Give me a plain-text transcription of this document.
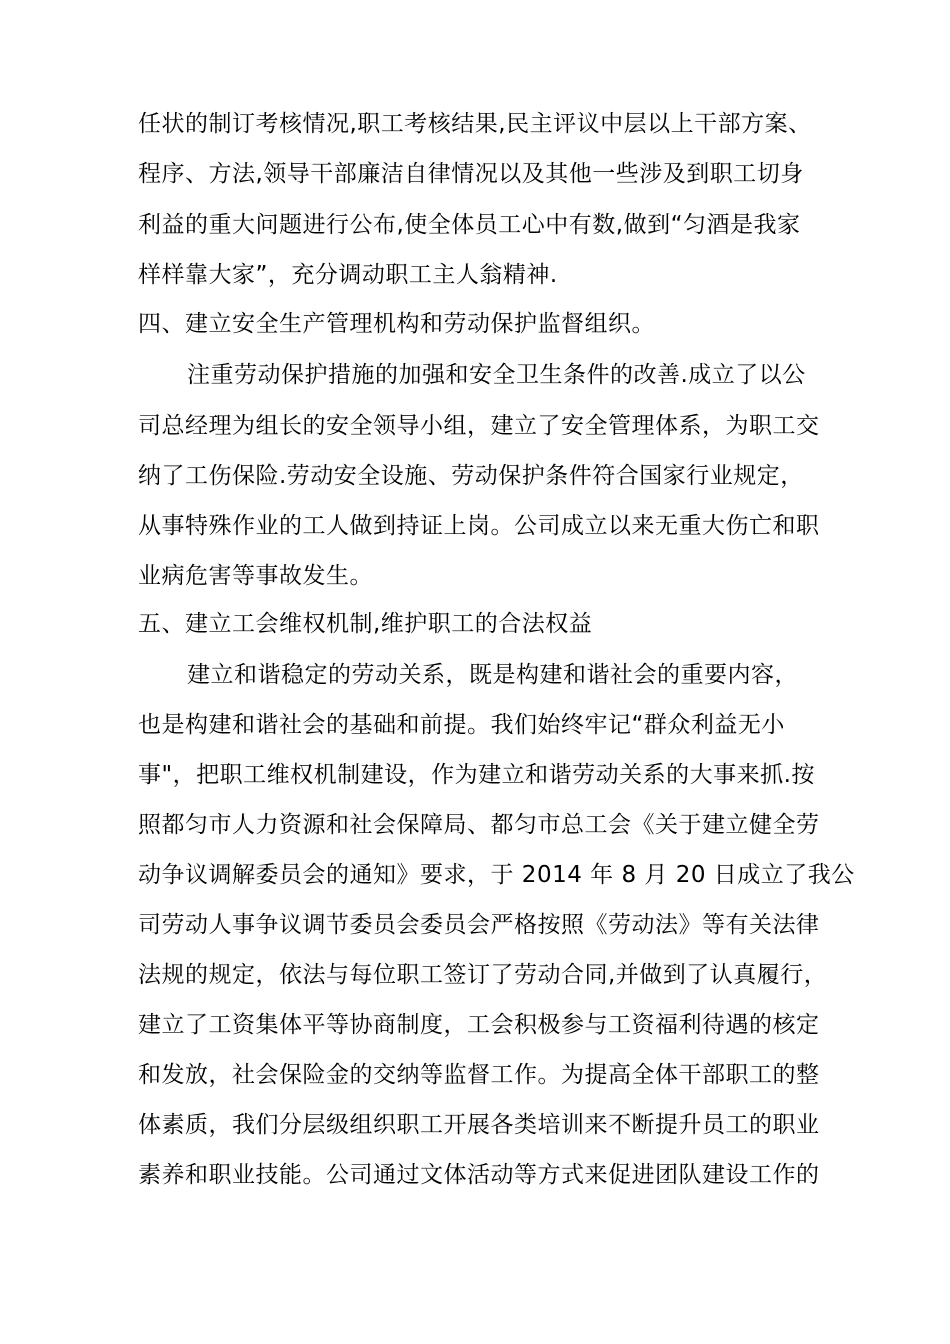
任状的制订考核情况,职工考核结果,民主评议中层以上干部方案、
程序、方法,领导干部廉洁自律情况以及其他一些涉及到职工切身
利益的重大问题进行公布,使全体员工心中有数,做到“匀酒是我家
样样靠大家”，充分调动职工主人翁精神.
四、建立安全生产管理机构和劳动保护监督组织。
注重劳动保护措施的加强和安全卫生条件的改善.成立了以公
司总经理为组长的安全领导小组，建立了安全管理体系，为职工交
纳了工伤保险.劳动安全设施、劳动保护条件符合国家行业规定，
从事特殊作业的工人做到持证上岗。公司成立以来无重大伤亡和职
业病危害等事故发生。
五、建立工会维权机制,维护职工的合法权益
建立和谐稳定的劳动关系，既是构建和谐社会的重要内容，
也是构建和谐社会的基础和前提。我们始终牢记“群众利益无小
事"，把职工维权机制建设，作为建立和谐劳动关系的大事来抓.按
照都匀市人力资源和社会保障局、都匀市总工会《关于建立健全劳
动争议调解委员会的通知》要求，于 2014 年 8 月 20 日成立了我公
司劳动人事争议调节委员会委员会严格按照《劳动法》等有关法律
法规的规定，依法与每位职工签订了劳动合同,并做到了认真履行，
建立了工资集体平等协商制度，工会积极参与工资福利待遇的核定
和发放，社会保险金的交纳等监督工作。为提高全体干部职工的整
体素质，我们分层级组织职工开展各类培训来不断提升员工的职业
素养和职业技能。公司通过文体活动等方式来促进团队建设工作的
